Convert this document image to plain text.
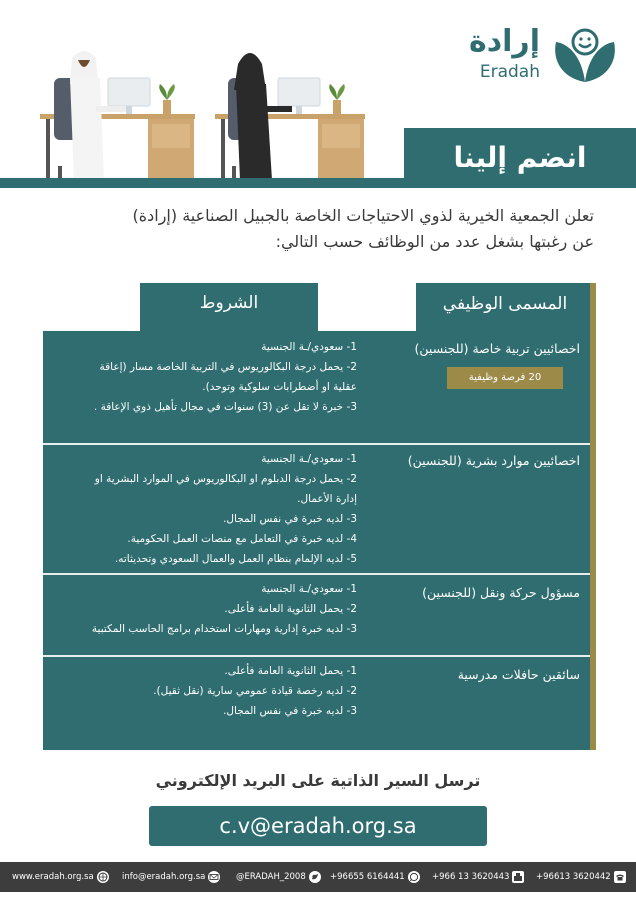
إرادة
Eradah
انضم إلينا
تعلن الجمعية الخيرية لذوي الاحتياجات الخاصة بالجبيل الصناعية (إرادة)
عن رغبتها بشغل عدد من الوظائف حسب التالي:
المسمى الوظيفي
الشروط
اخصائيين تربية خاصة (للجنسين)
20 فرصة وظيفية
1- سعودي/ـة الجنسية
2- يحمل درجة البكالوريوس في التربية الخاصة مسار (إعاقة
عقلية او أضطرابات سلوكية وتوحد).
3- خبرة لا تقل عن (3) سنوات في مجال تأهيل ذوي الإعاقة .
اخصائيين موارد بشرية (للجنسين)
1- سعودي/ـة الجنسية
2- يحمل درجة الدبلوم او البكالوريوس في الموارد البشرية او
إدارة الأعمال.
3- لديه خبرة في نفس المجال.
4- لديه خبرة في التعامل مع منصات العمل الحكومية.
5- لديه الإلمام بنظام العمل والعمال السعودي وتحديثاته.
مسؤول حركة ونقل (للجنسين)
1- سعودي/ـة الجنسية
2- يحمل الثانوية العامة فأعلى.
3- لديه خبرة إدارية ومهارات استخدام برامج الحاسب المكتبية
سائقين حافلات مدرسية
1- يحمل الثانوية العامة فأعلى.
2- لديه رخصة قيادة عمومي سارية (نقل ثقيل).
3- لديه خبرة في نفس المجال.
ترسل السير الذاتية على البريد الإلكتروني
c.v@eradah.org.sa
www.eradah.org.sa	info@eradah.org.sa	@ERADAH_2008	+96655 6164441	+966 13 3620443	+96613 3620442
